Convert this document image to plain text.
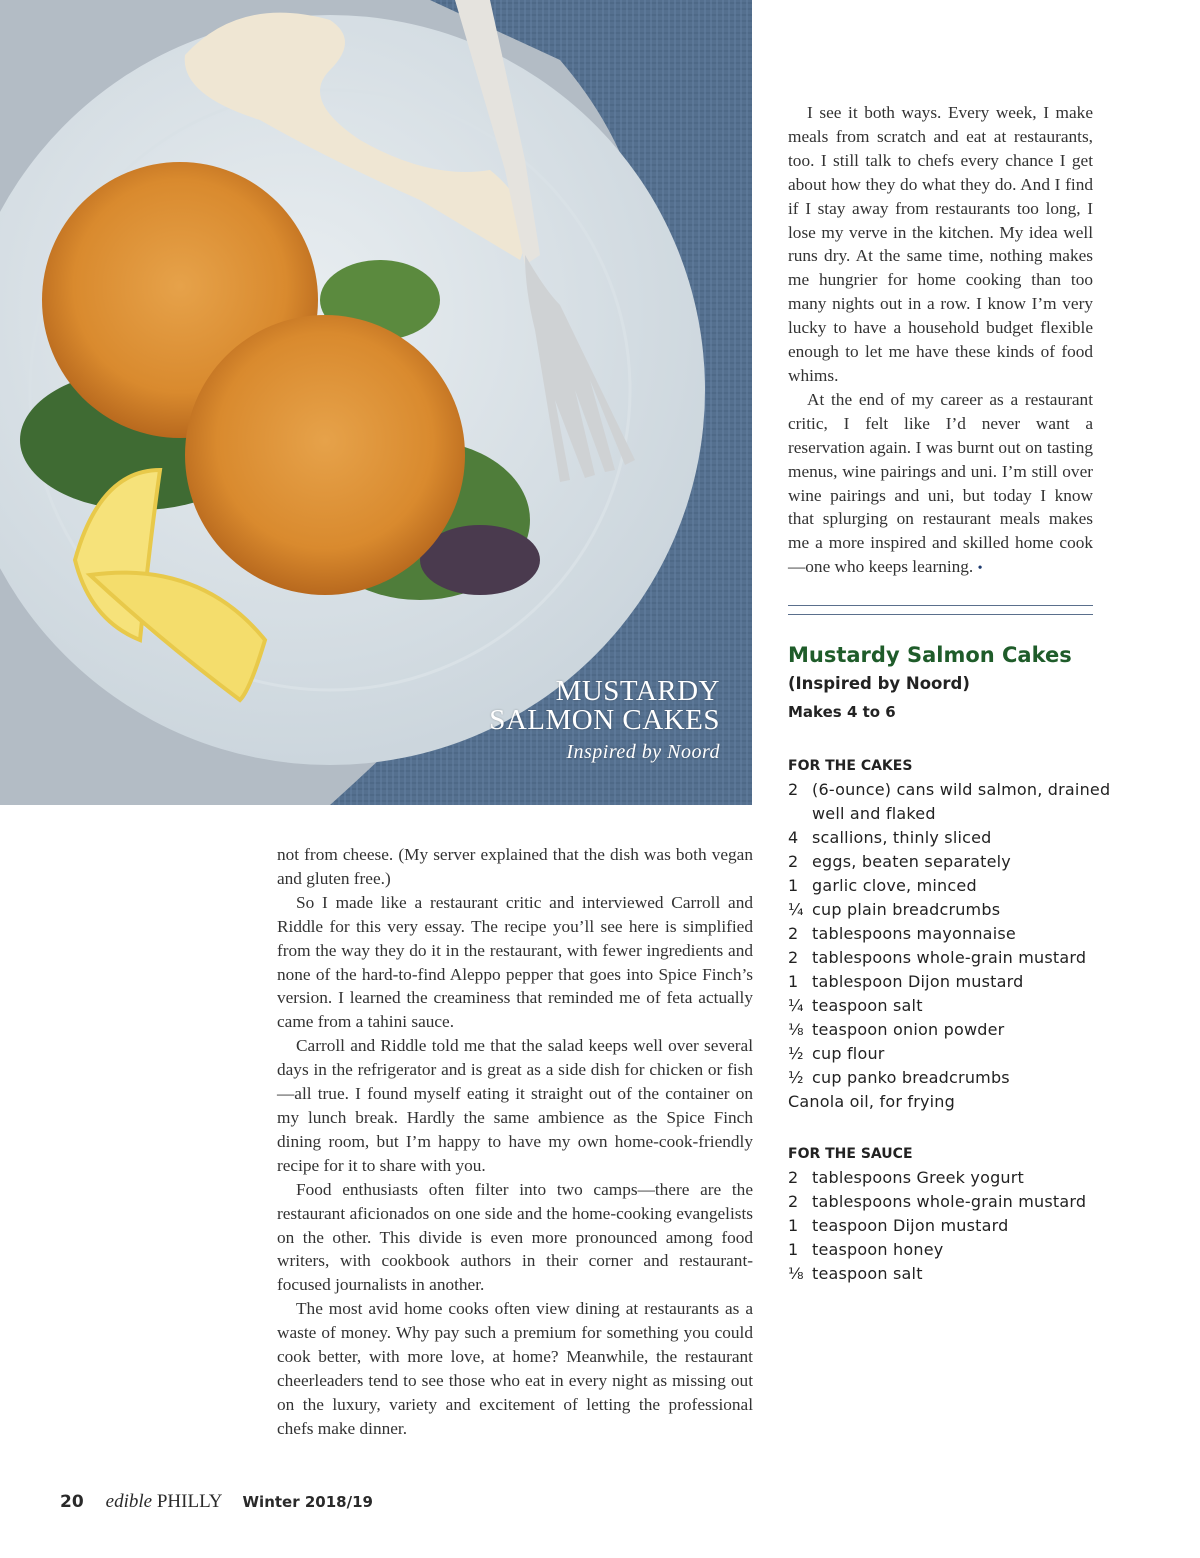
MUSTARDY
SALMON CAKES
Inspired by Noord

I see it both ways. Every week, I make meals from scratch and eat at restaurants, too. I still talk to chefs every chance I get about how they do what they do. And I find if I stay away from restaurants too long, I lose my verve in the kitchen. My idea well runs dry. At the same time, nothing makes me hungrier for home cooking than too many nights out in a row. I know I’m very lucky to have a household budget flexible enough to let me have these kinds of food whims.

At the end of my career as a restaurant critic, I felt like I’d never want a reservation again. I was burnt out on tasting menus, wine pairings and uni. I’m still over wine pairings and uni, but today I know that splurging on restaurant meals makes me a more inspired and skilled home cook—one who keeps learning. •

Mustardy Salmon Cakes
(Inspired by Noord)
Makes 4 to 6
FOR THE CAKES
2 (6-ounce) cans wild salmon, drained well and flaked
4 scallions, thinly sliced
2 eggs, beaten separately
1 garlic clove, minced
¼ cup plain breadcrumbs
2 tablespoons mayonnaise
2 tablespoons whole-grain mustard
1 tablespoon Dijon mustard
¼ teaspoon salt
⅛ teaspoon onion powder
½ cup flour
½ cup panko breadcrumbs
Canola oil, for frying
FOR THE SAUCE
2 tablespoons Greek yogurt
2 tablespoons whole-grain mustard
1 teaspoon Dijon mustard
1 teaspoon honey
⅛ teaspoon salt

not from cheese. (My server explained that the dish was both vegan and gluten free.)

So I made like a restaurant critic and interviewed Carroll and Riddle for this very essay. The recipe you’ll see here is simplified from the way they do it in the restaurant, with fewer ingredients and none of the hard-to-find Aleppo pepper that goes into Spice Finch’s version. I learned the creaminess that reminded me of feta actually came from a tahini sauce.

Carroll and Riddle told me that the salad keeps well over several days in the refrigerator and is great as a side dish for chicken or fish—all true. I found myself eating it straight out of the container on my lunch break. Hardly the same ambience as the Spice Finch dining room, but I’m happy to have my own home-cook-friendly recipe for it to share with you.

Food enthusiasts often filter into two camps—there are the restaurant aficionados on one side and the home-cooking evangelists on the other. This divide is even more pronounced among food writers, with cookbook authors in their corner and restaurant-focused journalists in another.

The most avid home cooks often view dining at restaurants as a waste of money. Why pay such a premium for something you could cook better, with more love, at home? Meanwhile, the restaurant cheerleaders tend to see those who eat in every night as missing out on the luxury, variety and excitement of letting the professional chefs make dinner.

20 edible PHILLY Winter 2018/19
